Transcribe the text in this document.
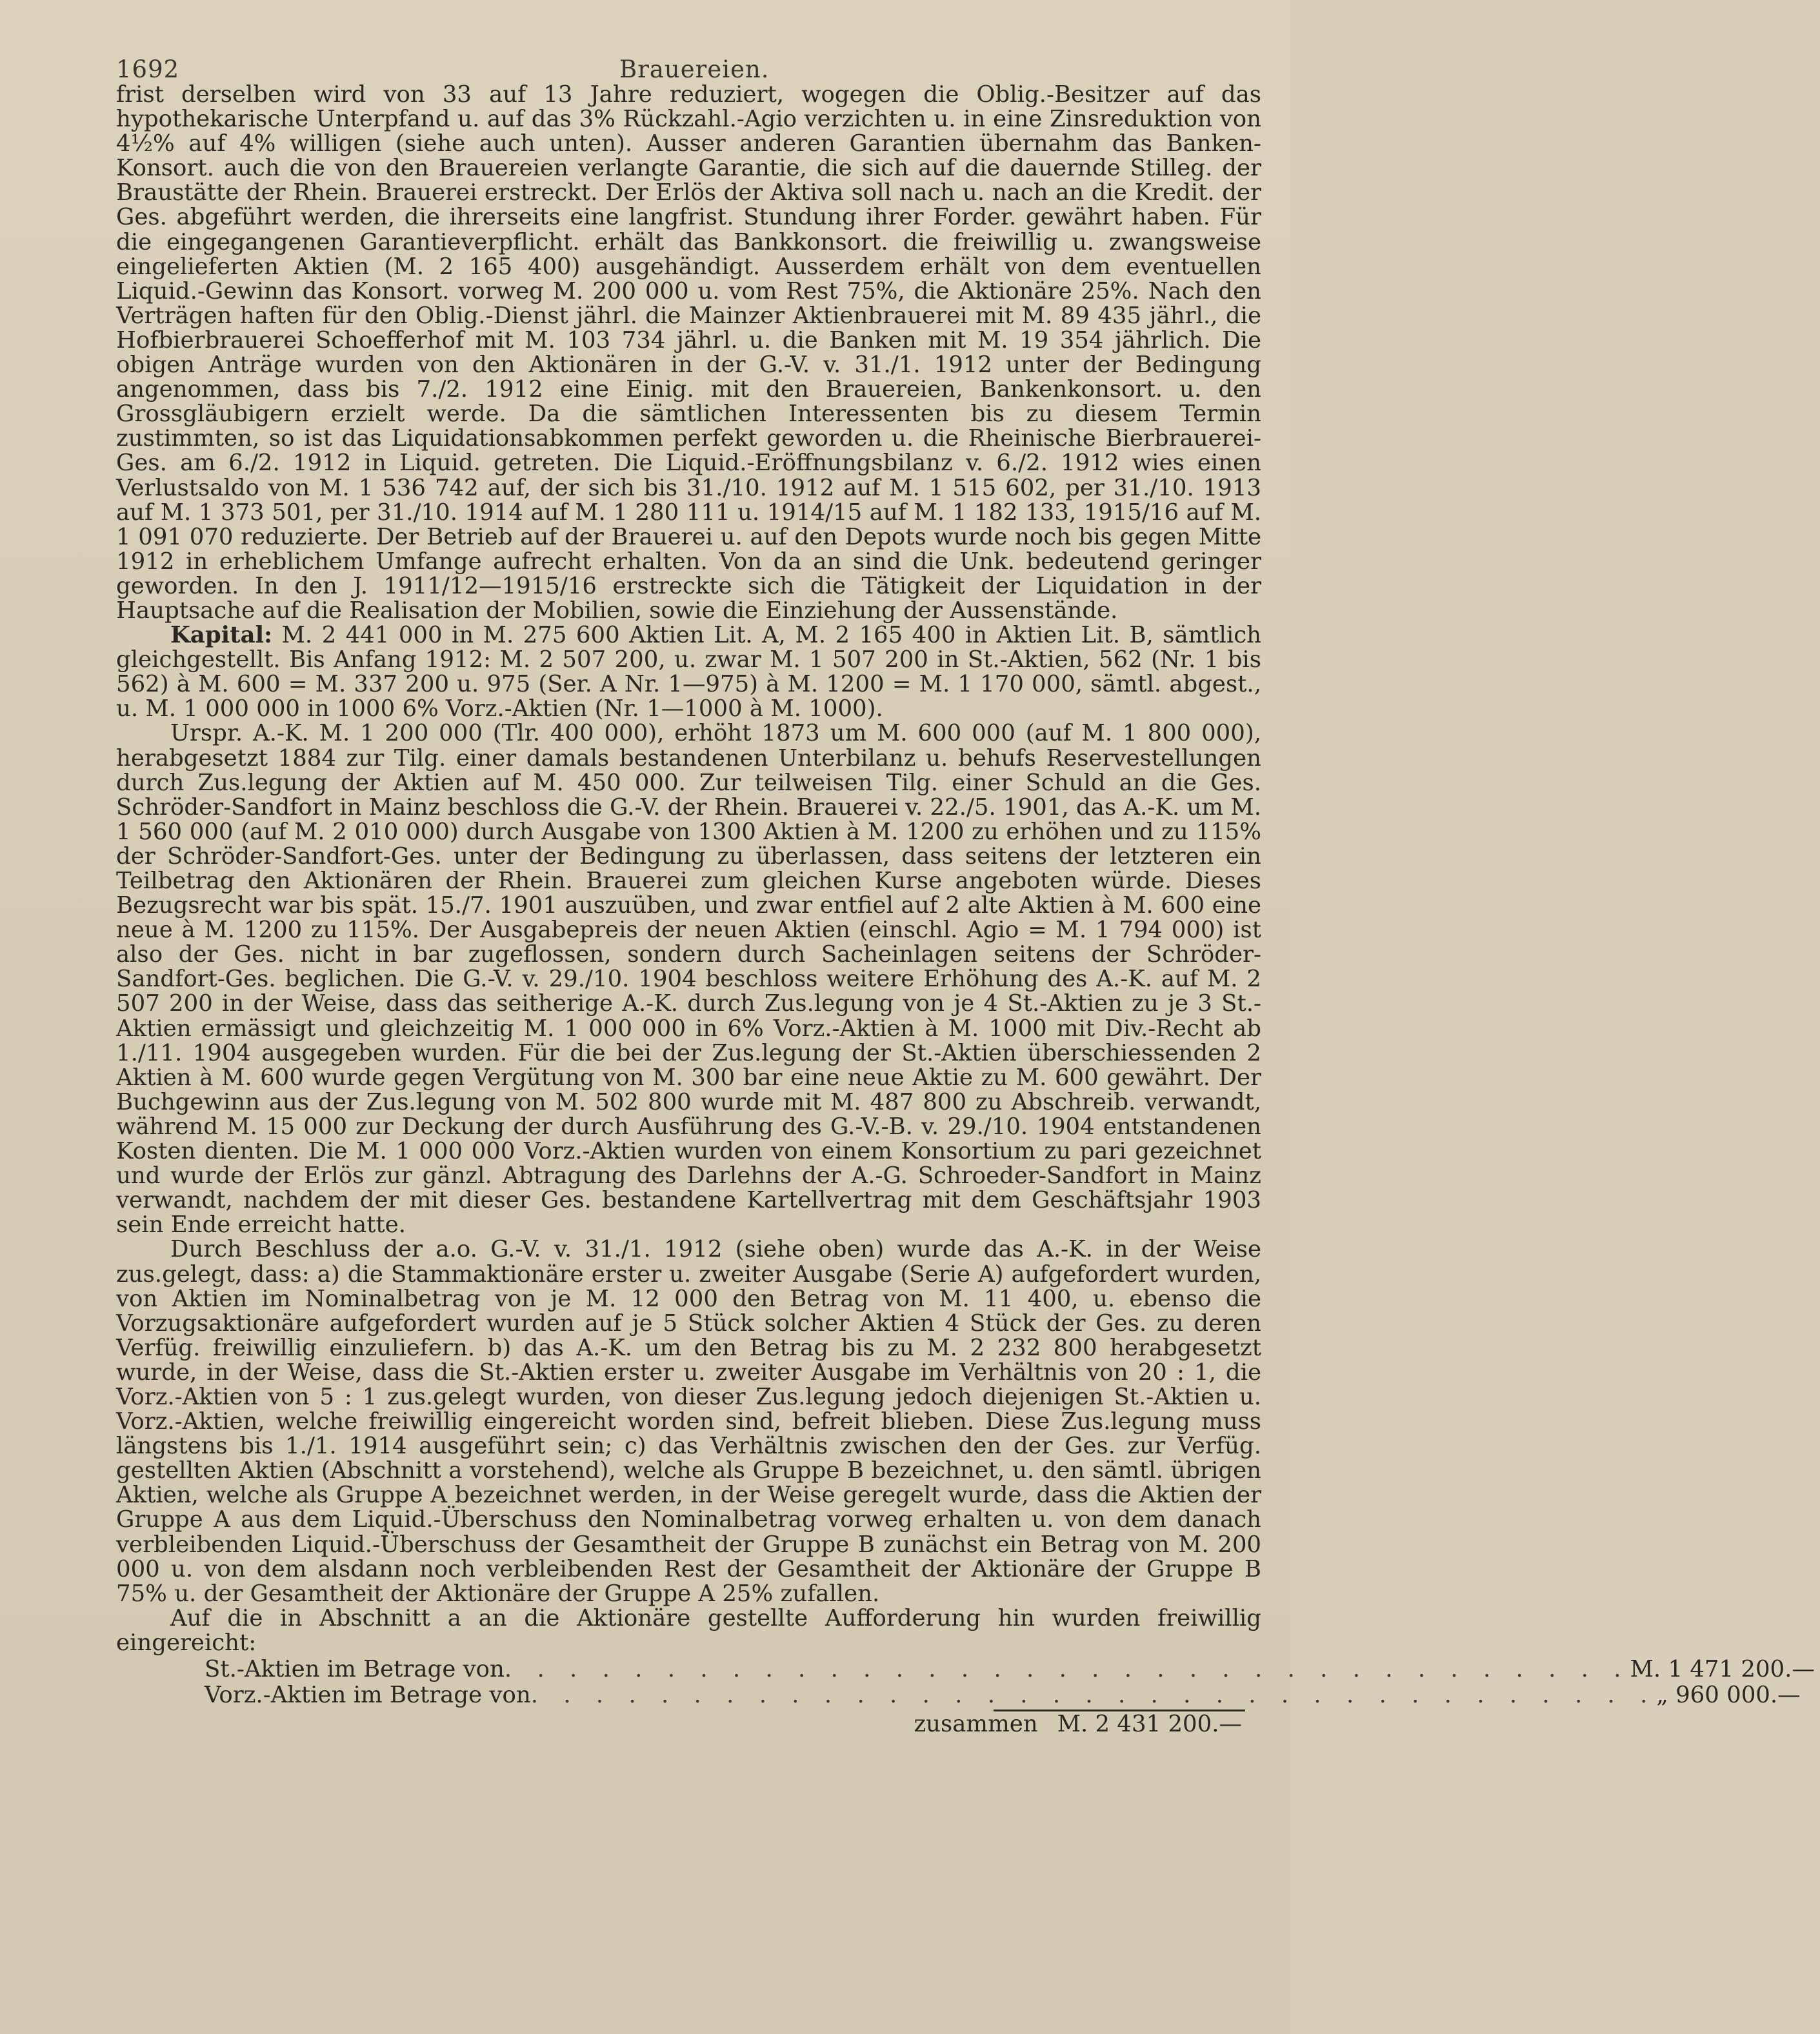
1692	Brauereien.

frist derselben wird von 33 auf 13 Jahre reduziert, wogegen die Oblig.-Besitzer auf das hypothekarische Unterpfand u. auf das 3% Rückzahl.-Agio verzichten u. in eine Zinsreduktion von 4½% auf 4% willigen (siehe auch unten). Ausser anderen Garantien übernahm das Banken-Konsort. auch die von den Brauereien verlangte Garantie, die sich auf die dauernde Stilleg. der Braustätte der Rhein. Brauerei erstreckt. Der Erlös der Aktiva soll nach u. nach an die Kredit. der Ges. abgeführt werden, die ihrerseits eine langfrist. Stundung ihrer Forder. gewährt haben. Für die eingegangenen Garantieverpflicht. erhält das Bankkonsort. die freiwillig u. zwangsweise eingelieferten Aktien (M. 2 165 400) ausgehändigt. Ausserdem erhält von dem eventuellen Liquid.-Gewinn das Konsort. vorweg M. 200 000 u. vom Rest 75%, die Aktionäre 25%. Nach den Verträgen haften für den Oblig.-Dienst jährl. die Mainzer Aktienbrauerei mit M. 89 435 jährl., die Hofbierbrauerei Schoefferhof mit M. 103 734 jährl. u. die Banken mit M. 19 354 jährlich. Die obigen Anträge wurden von den Aktionären in der G.-V. v. 31./1. 1912 unter der Bedingung angenommen, dass bis 7./2. 1912 eine Einig. mit den Brauereien, Bankenkonsort. u. den Grossgläubigern erzielt werde. Da die sämtlichen Interessenten bis zu diesem Termin zustimmten, so ist das Liquidationsabkommen perfekt geworden u. die Rheinische Bierbrauerei-Ges. am 6./2. 1912 in Liquid. getreten. Die Liquid.-Eröffnungsbilanz v. 6./2. 1912 wies einen Verlustsaldo von M. 1 536 742 auf, der sich bis 31./10. 1912 auf M. 1 515 602, per 31./10. 1913 auf M. 1 373 501, per 31./10. 1914 auf M. 1 280 111 u. 1914/15 auf M. 1 182 133, 1915/16 auf M. 1 091 070 reduzierte. Der Betrieb auf der Brauerei u. auf den Depots wurde noch bis gegen Mitte 1912 in erheblichem Umfange aufrecht erhalten. Von da an sind die Unk. bedeutend geringer geworden. In den J. 1911/12—1915/16 erstreckte sich die Tätigkeit der Liquidation in der Hauptsache auf die Realisation der Mobilien, sowie die Einziehung der Aussenstände.

Kapital: M. 2 441 000 in M. 275 600 Aktien Lit. A, M. 2 165 400 in Aktien Lit. B, sämtlich gleichgestellt. Bis Anfang 1912: M. 2 507 200, u. zwar M. 1 507 200 in St.-Aktien, 562 (Nr. 1 bis 562) à M. 600 = M. 337 200 u. 975 (Ser. A Nr. 1—975) à M. 1200 = M. 1 170 000, sämtl. abgest., u. M. 1 000 000 in 1000 6% Vorz.-Aktien (Nr. 1—1000 à M. 1000).

Urspr. A.-K. M. 1 200 000 (Tlr. 400 000), erhöht 1873 um M. 600 000 (auf M. 1 800 000), herabgesetzt 1884 zur Tilg. einer damals bestandenen Unterbilanz u. behufs Reservestellungen durch Zus.legung der Aktien auf M. 450 000. Zur teilweisen Tilg. einer Schuld an die Ges. Schröder-Sandfort in Mainz beschloss die G.-V. der Rhein. Brauerei v. 22./5. 1901, das A.-K. um M. 1 560 000 (auf M. 2 010 000) durch Ausgabe von 1300 Aktien à M. 1200 zu erhöhen und zu 115% der Schröder-Sandfort-Ges. unter der Bedingung zu überlassen, dass seitens der letzteren ein Teilbetrag den Aktionären der Rhein. Brauerei zum gleichen Kurse angeboten würde. Dieses Bezugsrecht war bis spät. 15./7. 1901 auszuüben, und zwar entfiel auf 2 alte Aktien à M. 600 eine neue à M. 1200 zu 115%. Der Ausgabepreis der neuen Aktien (einschl. Agio = M. 1 794 000) ist also der Ges. nicht in bar zugeflossen, sondern durch Sacheinlagen seitens der Schröder-Sandfort-Ges. beglichen. Die G.-V. v. 29./10. 1904 beschloss weitere Erhöhung des A.-K. auf M. 2 507 200 in der Weise, dass das seitherige A.-K. durch Zus.legung von je 4 St.-Aktien zu je 3 St.-Aktien ermässigt und gleichzeitig M. 1 000 000 in 6% Vorz.-Aktien à M. 1000 mit Div.-Recht ab 1./11. 1904 ausgegeben wurden. Für die bei der Zus.legung der St.-Aktien überschiessenden 2 Aktien à M. 600 wurde gegen Vergütung von M. 300 bar eine neue Aktie zu M. 600 gewährt. Der Buchgewinn aus der Zus.legung von M. 502 800 wurde mit M. 487 800 zu Abschreib. verwandt, während M. 15 000 zur Deckung der durch Ausführung des G.-V.-B. v. 29./10. 1904 entstandenen Kosten dienten. Die M. 1 000 000 Vorz.-Aktien wurden von einem Konsortium zu pari gezeichnet und wurde der Erlös zur gänzl. Abtragung des Darlehns der A.-G. Schroeder-Sandfort in Mainz verwandt, nachdem der mit dieser Ges. bestandene Kartellvertrag mit dem Geschäftsjahr 1903 sein Ende erreicht hatte.

Durch Beschluss der a.o. G.-V. v. 31./1. 1912 (siehe oben) wurde das A.-K. in der Weise zus.gelegt, dass: a) die Stammaktionäre erster u. zweiter Ausgabe (Serie A) aufgefordert wurden, von Aktien im Nominalbetrag von je M. 12 000 den Betrag von M. 11 400, u. ebenso die Vorzugsaktionäre aufgefordert wurden auf je 5 Stück solcher Aktien 4 Stück der Ges. zu deren Verfüg. freiwillig einzuliefern. b) das A.-K. um den Betrag bis zu M. 2 232 800 herabgesetzt wurde, in der Weise, dass die St.-Aktien erster u. zweiter Ausgabe im Verhältnis von 20 : 1, die Vorz.-Aktien von 5 : 1 zus.gelegt wurden, von dieser Zus.legung jedoch diejenigen St.-Aktien u. Vorz.-Aktien, welche freiwillig eingereicht worden sind, befreit blieben. Diese Zus.legung muss längstens bis 1./1. 1914 ausgeführt sein; c) das Verhältnis zwischen den der Ges. zur Verfüg. gestellten Aktien (Abschnitt a vorstehend), welche als Gruppe B bezeichnet, u. den sämtl. übrigen Aktien, welche als Gruppe A bezeichnet werden, in der Weise geregelt wurde, dass die Aktien der Gruppe A aus dem Liquid.-Überschuss den Nominalbetrag vorweg erhalten u. von dem danach verbleibenden Liquid.-Überschuss der Gesamtheit der Gruppe B zunächst ein Betrag von M. 200 000 u. von dem alsdann noch verbleibenden Rest der Gesamtheit der Aktionäre der Gruppe B 75% u. der Gesamtheit der Aktionäre der Gruppe A 25% zufallen.

Auf die in Abschnitt a an die Aktionäre gestellte Aufforderung hin wurden freiwillig eingereicht:

St.-Aktien im Betrage von . . . . . . . . . . . . . . . . . . . . . . . . . . . . . . . . . . . M. 1 471 200.—
Vorz.-Aktien im Betrage von . . . . . . . . . . . . . . . . . . . . . . . . . . . . . . . . . . . „ 960 000.—
zusammen M. 2 431 200.—
